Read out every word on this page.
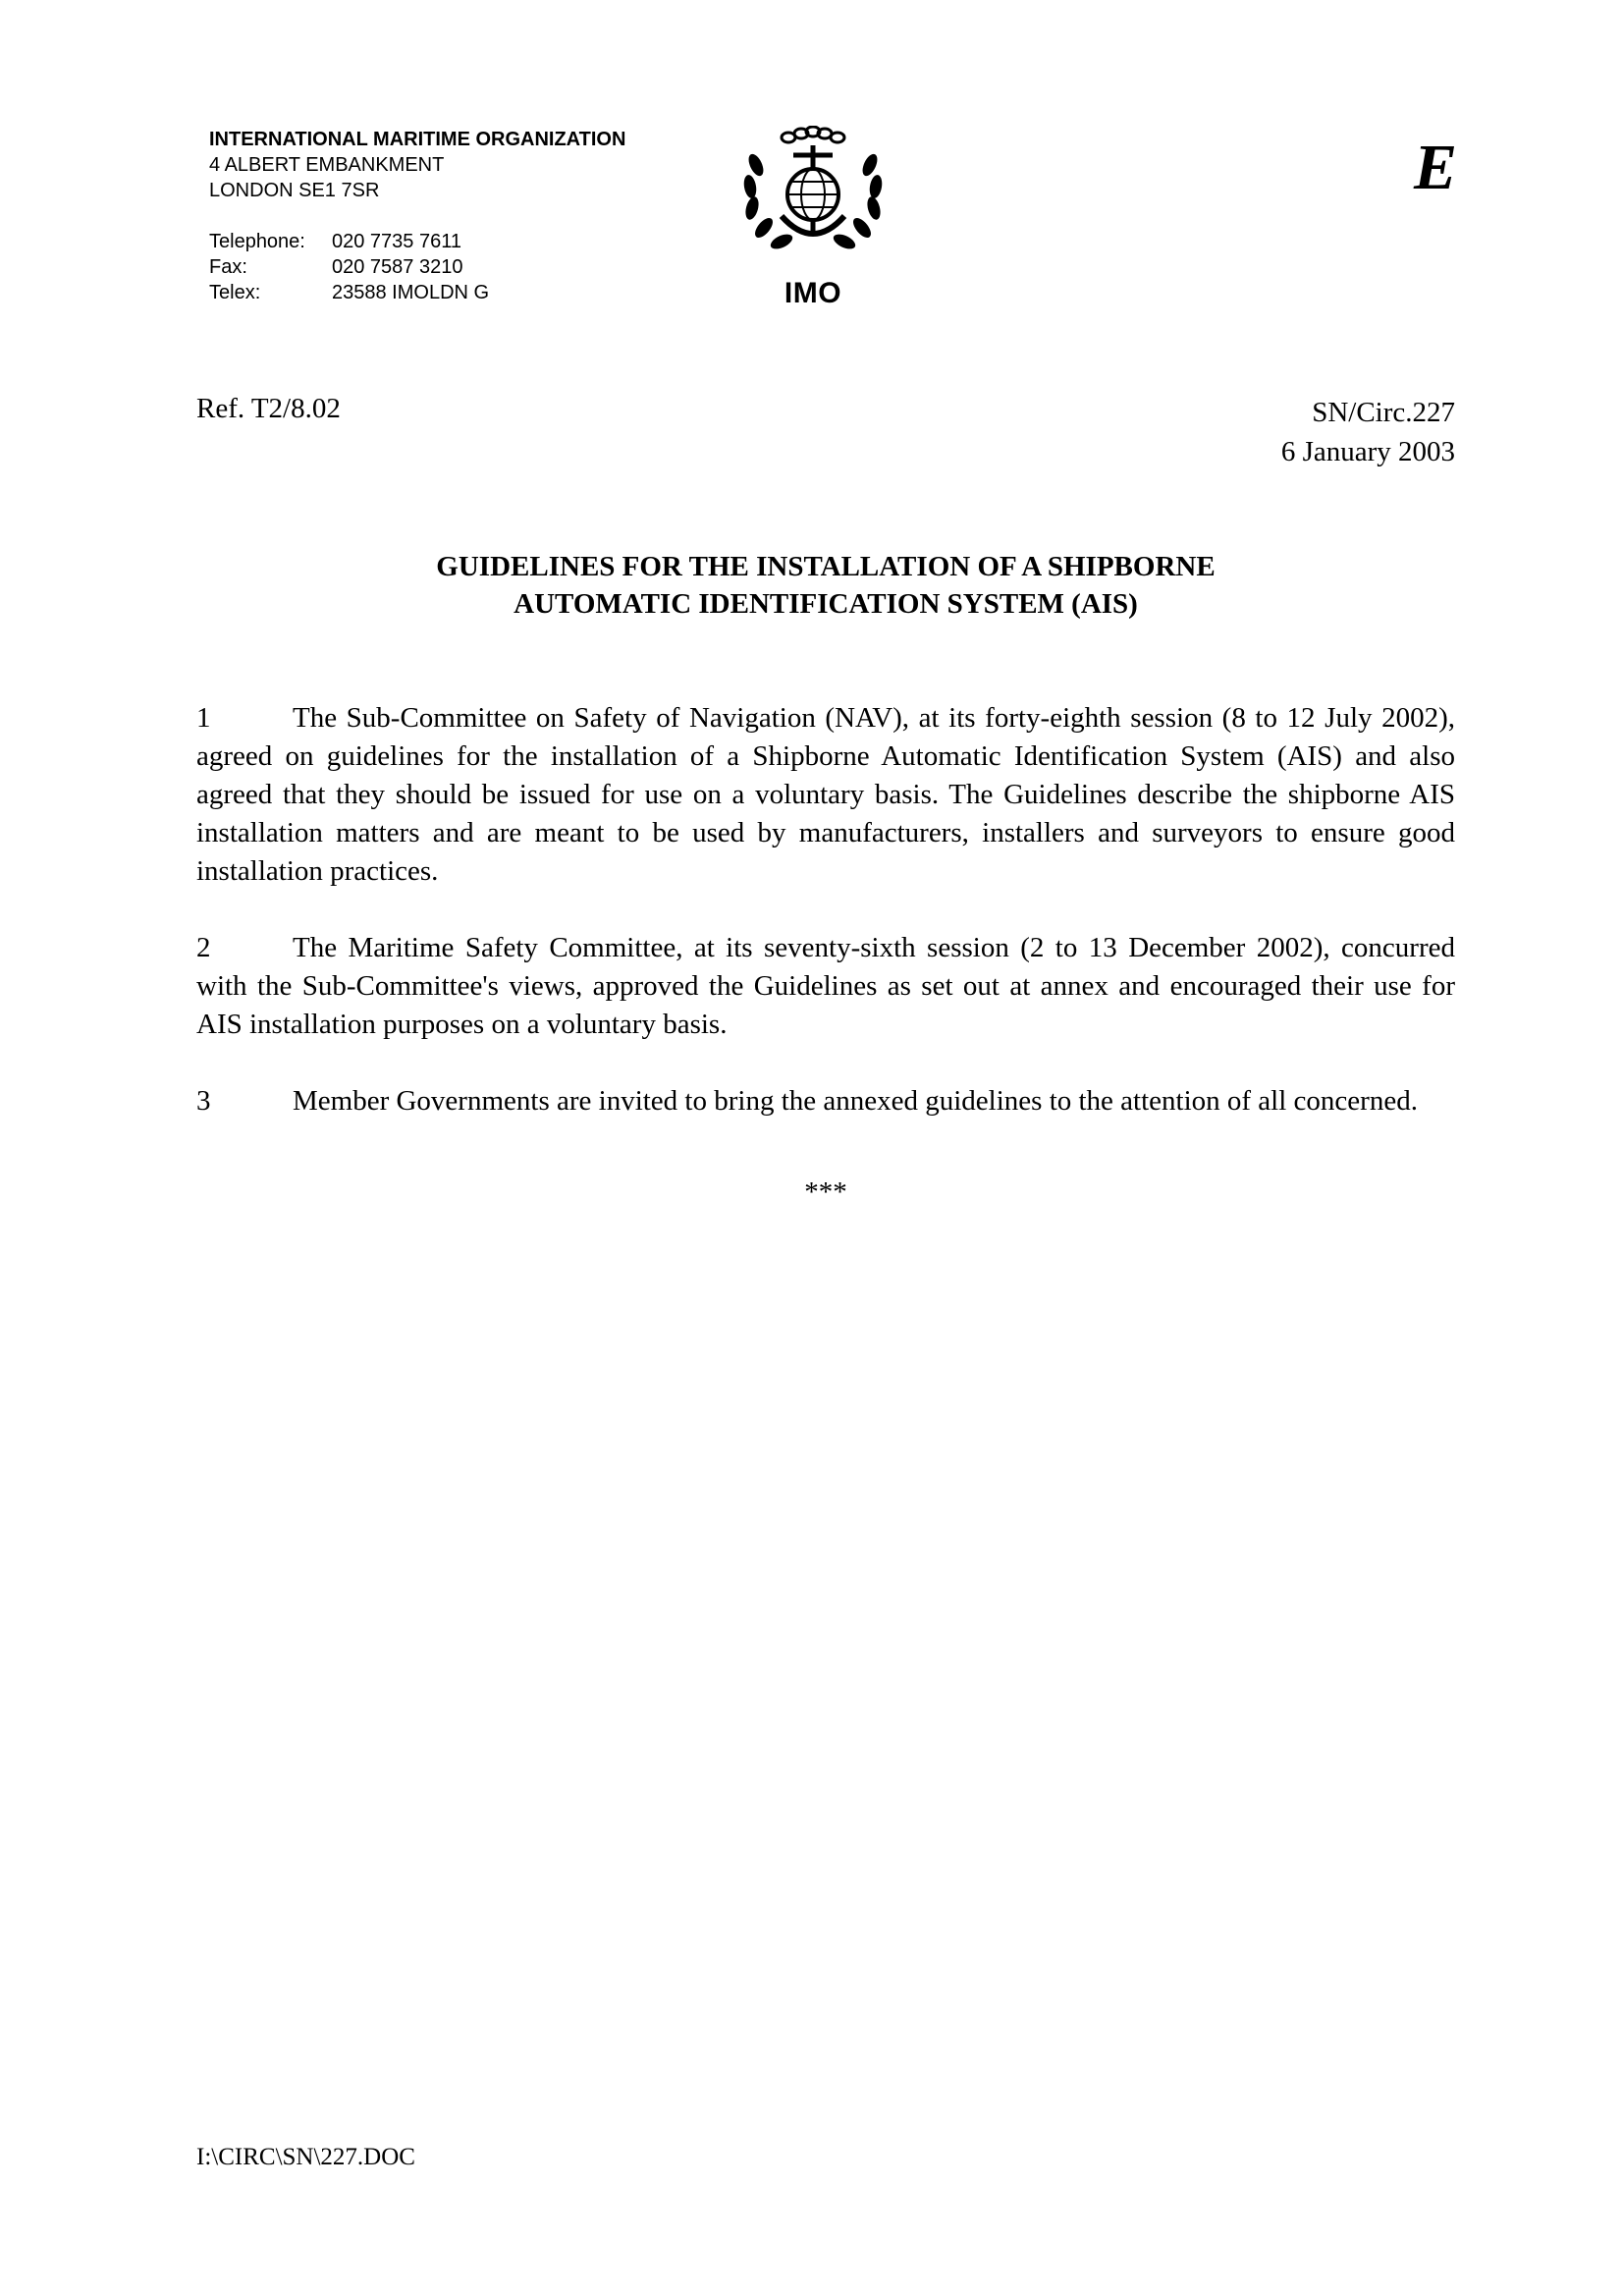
INTERNATIONAL MARITIME ORGANIZATION
4 ALBERT EMBANKMENT
LONDON SE1 7SR
Telephone:	020 7735 7611
Fax:	020 7587 3210
Telex:	23588 IMOLDN G	IMO
E
Ref. T2/8.02	SN/Circ.227
6 January 2003
GUIDELINES FOR THE INSTALLATION OF A SHIPBORNE
AUTOMATIC IDENTIFICATION SYSTEM (AIS)

1	The Sub-Committee on Safety of Navigation (NAV), at its forty-eighth session (8 to 12 July 2002), agreed on guidelines for the installation of a Shipborne Automatic Identification System (AIS) and also agreed that they should be issued for use on a voluntary basis. The Guidelines describe the shipborne AIS installation matters and are meant to be used by manufacturers, installers and surveyors to ensure good installation practices.

2	The Maritime Safety Committee, at its seventy-sixth session (2 to 13 December 2002), concurred with the Sub-Committee's views, approved the Guidelines as set out at annex and encouraged their use for AIS installation purposes on a voluntary basis.

3	Member Governments are invited to bring the annexed guidelines to the attention of all concerned.

***
I:\CIRC\SN\227.DOC
